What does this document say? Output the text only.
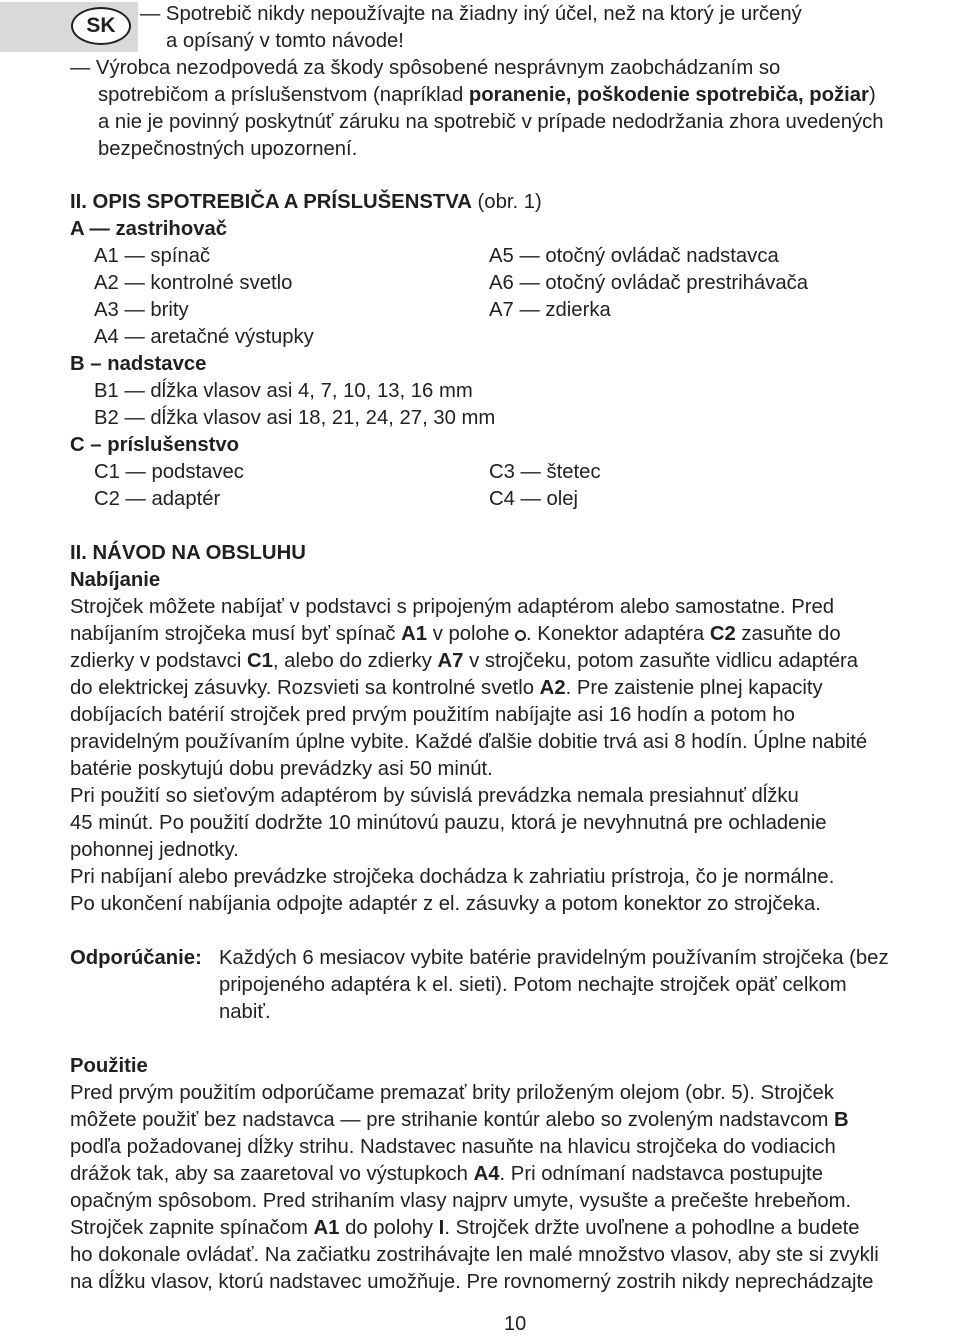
SK	— Spotrebič nikdy nepoužívajte na žiadny iný účel, než na ktorý je určený
a opísaný v tomto návode!
— Výrobca nezodpovedá za škody spôsobené nesprávnym zaobchádzaním so
spotrebičom a príslušenstvom (napríklad poranenie, poškodenie spotrebiča, požiar)
a nie je povinný poskytnúť záruku na spotrebič v prípade nedodržania zhora uvedených
bezpečnostných upozornení.
II. OPIS SPOTREBIČA A PRÍSLUŠENSTVA (obr. 1)
A — zastrihovač
A1 — spínač
A2 — kontrolné svetlo
A3 — brity
A4 — aretačné výstupky
A5 — otočný ovládač nadstavca
A6 — otočný ovládač prestrihávača
A7 — zdierka
B – nadstavce
B1 — dĺžka vlasov asi 4, 7, 10, 13, 16 mm
B2 — dĺžka vlasov asi 18, 21, 24, 27, 30 mm
C – príslušenstvo
C1 — podstavec
C2 — adaptér
C3 — štetec
C4 — olej
II. NÁVOD NA OBSLUHU
Nabíjanie
Strojček môžete nabíjať v podstavci s pripojeným adaptérom alebo samostatne. Pred
nabíjaním strojčeka musí byť spínač A1 v polohe . Konektor adaptéra C2 zasuňte do
zdierky v podstavci C1, alebo do zdierky A7 v strojčeku, potom zasuňte vidlicu adaptéra
do elektrickej zásuvky. Rozsvieti sa kontrolné svetlo A2. Pre zaistenie plnej kapacity
dobíjacích batérií strojček pred prvým použitím nabíjajte asi 16 hodín a potom ho
pravidelným používaním úplne vybite. Každé ďalšie dobitie trvá asi 8 hodín. Úplne nabité
batérie poskytujú dobu prevádzky asi 50 minút.
Pri použití so sieťovým adaptérom by súvislá prevádzka nemala presiahnuť dĺžku
45 minút. Po použití dodržte 10 minútovú pauzu, ktorá je nevyhnutná pre ochladenie
pohonnej jednotky.
Pri nabíjaní alebo prevádzke strojčeka dochádza k zahriatiu prístroja, čo je normálne.
Po ukončení nabíjania odpojte adaptér z el. zásuvky a potom konektor zo strojčeka.
Odporúčanie: Každých 6 mesiacov vybite batérie pravidelným používaním strojčeka (bez
pripojeného adaptéra k el. sieti). Potom nechajte strojček opäť celkom
nabiť.
Použitie
Pred prvým použitím odporúčame premazať brity priloženým olejom (obr. 5). Strojček
môžete použiť bez nadstavca — pre strihanie kontúr alebo so zvoleným nadstavcom B
podľa požadovanej dĺžky strihu. Nadstavec nasuňte na hlavicu strojčeka do vodiacich
drážok tak, aby sa zaaretoval vo výstupkoch A4. Pri odnímaní nadstavca postupujte
opačným spôsobom. Pred strihaním vlasy najprv umyte, vysušte a prečešte hrebeňom.
Strojček zapnite spínačom A1 do polohy I. Strojček držte uvoľnene a pohodlne a budete
ho dokonale ovládať. Na začiatku zostrihávajte len malé množstvo vlasov, aby ste si zvykli
na dĺžku vlasov, ktorú nadstavec umožňuje. Pre rovnomerný zostrih nikdy neprechádzajte
10
